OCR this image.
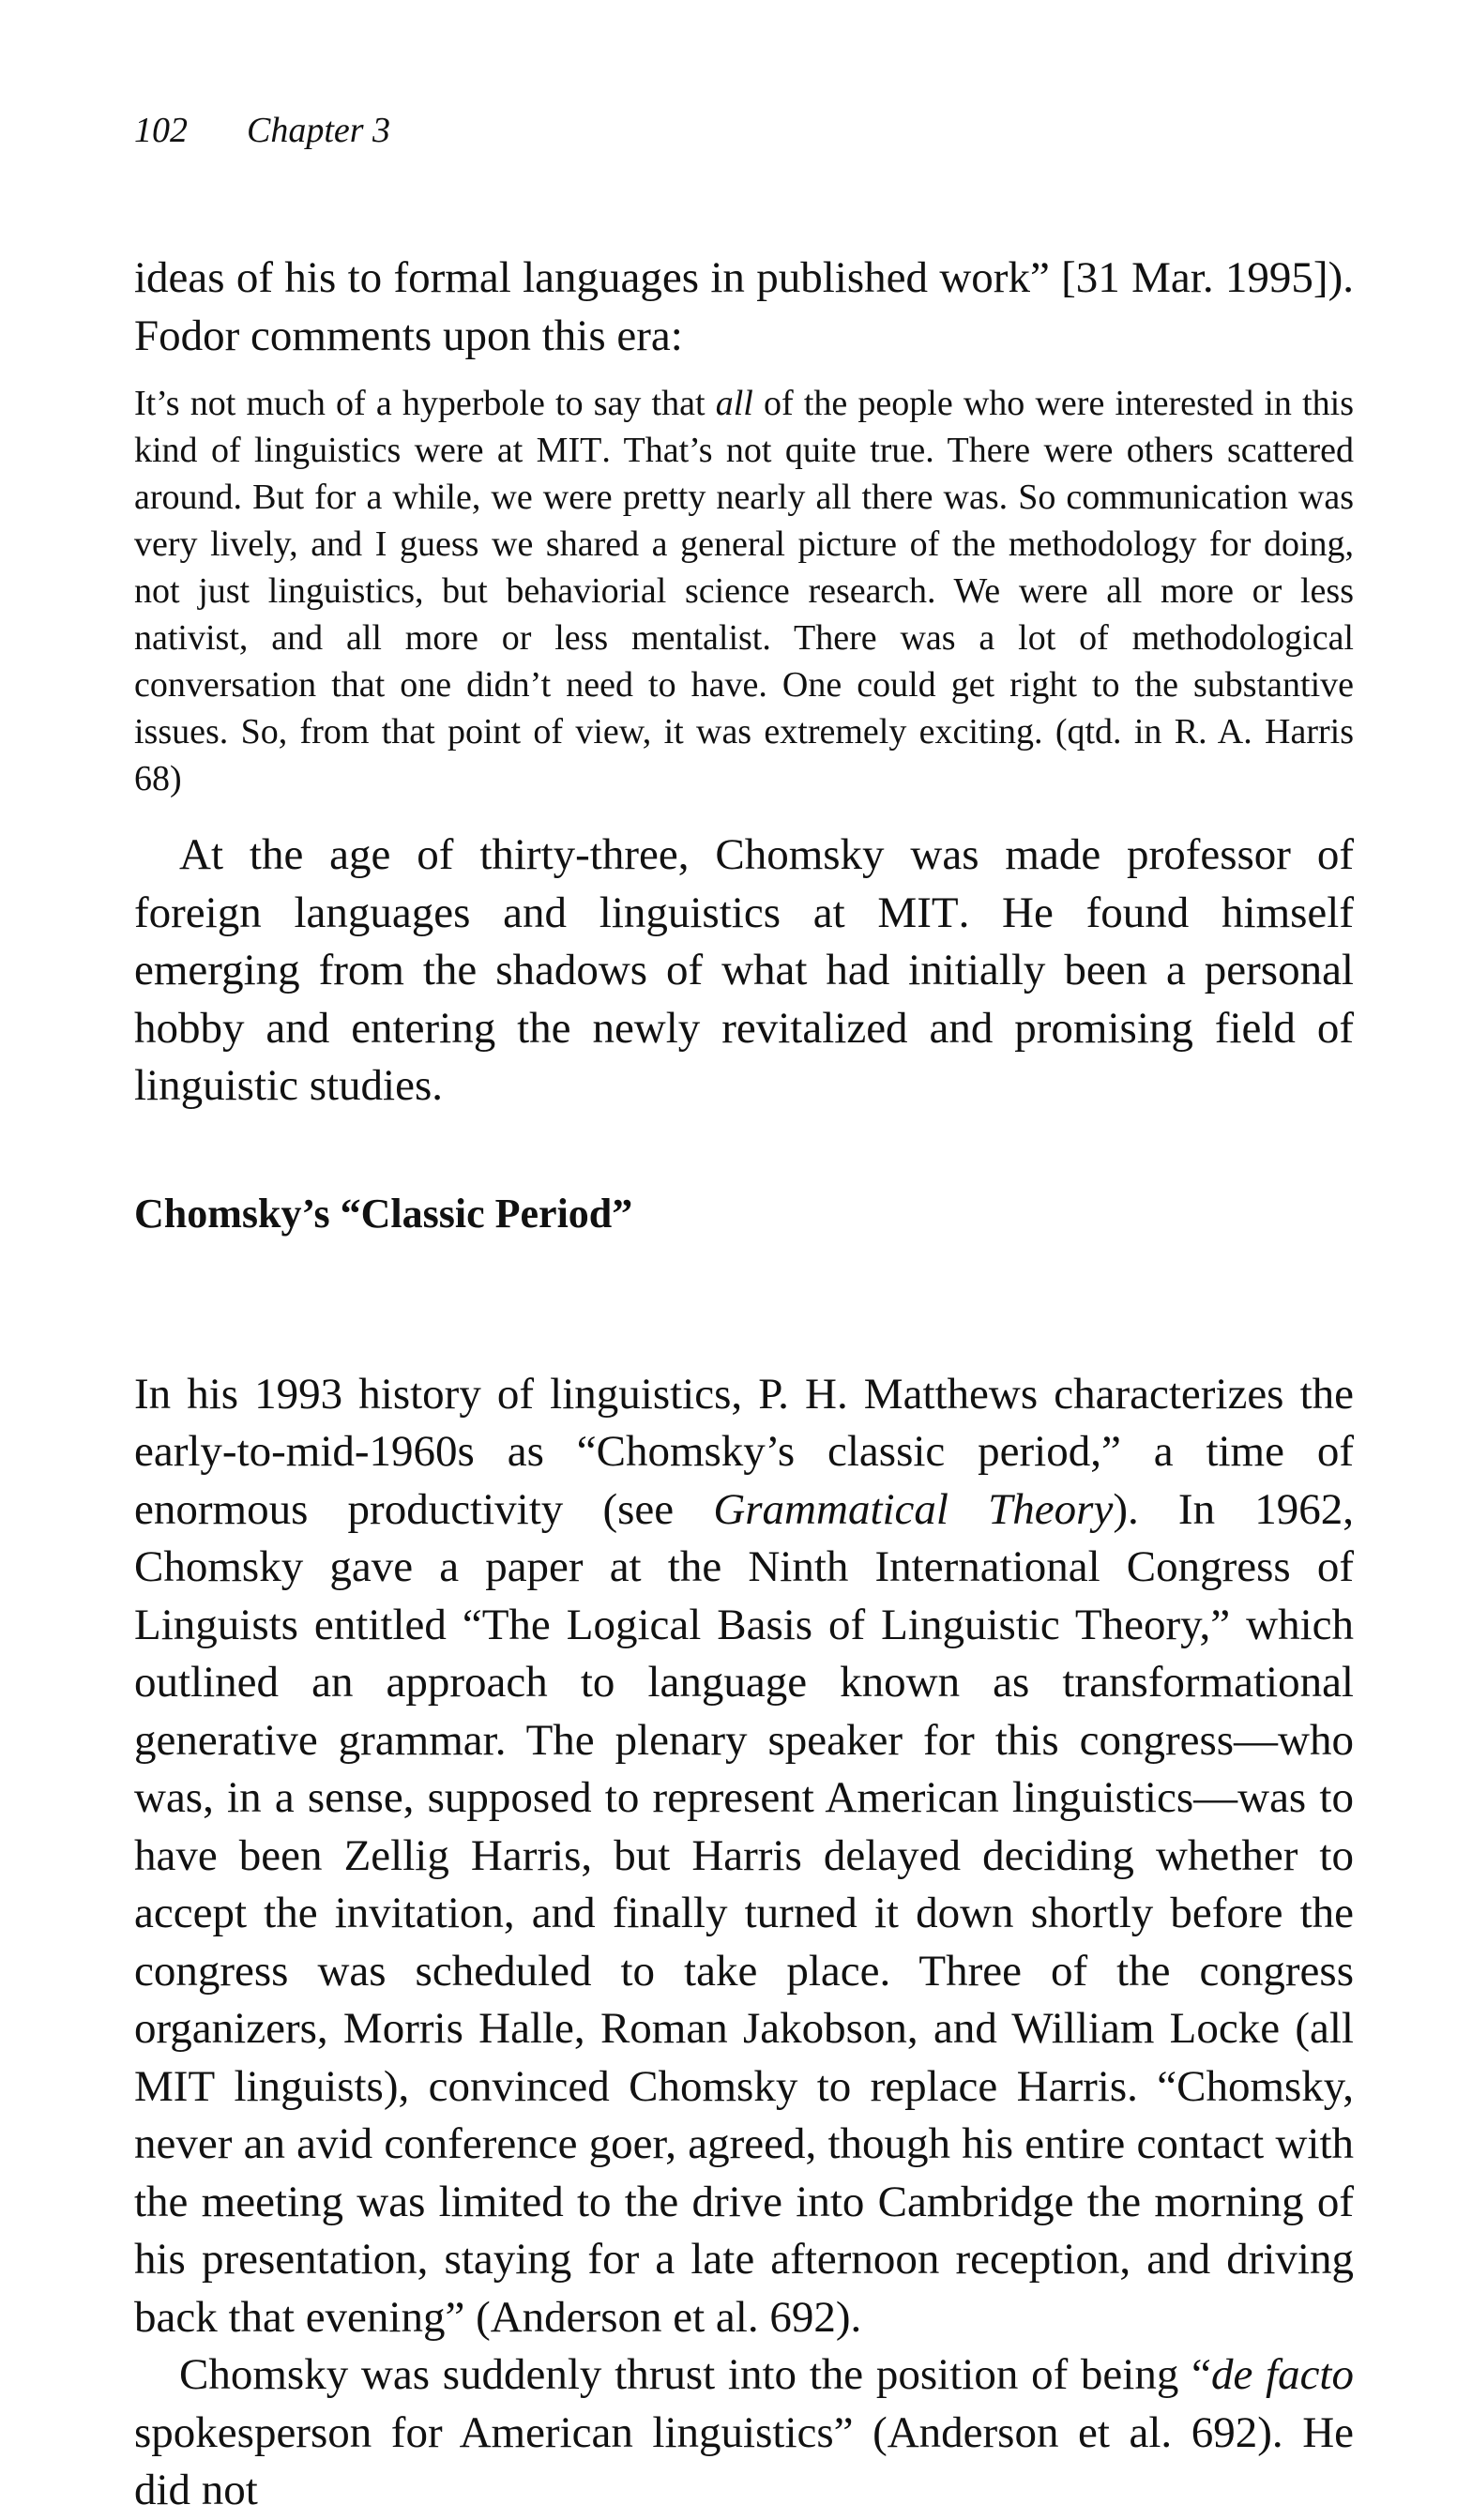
102 Chapter 3

ideas of his to formal languages in published work” [31 Mar. 1995]). Fodor comments upon this era:

It’s not much of a hyperbole to say that all of the people who were interested in this kind of linguistics were at MIT. That’s not quite true. There were others scattered around. But for a while, we were pretty nearly all there was. So communication was very lively, and I guess we shared a general picture of the methodology for doing, not just linguistics, but behaviorial science research. We were all more or less nativist, and all more or less mentalist. There was a lot of methodological conversation that one didn’t need to have. One could get right to the substantive issues. So, from that point of view, it was extremely exciting. (qtd. in R. A. Harris 68)

At the age of thirty-three, Chomsky was made professor of foreign languages and linguistics at MIT. He found himself emerging from the shadows of what had initially been a personal hobby and entering the newly revitalized and promising field of linguistic studies.

Chomsky’s “Classic Period”

In his 1993 history of linguistics, P. H. Matthews characterizes the early-to-mid-1960s as “Chomsky’s classic period,” a time of enormous productivity (see Grammatical Theory). In 1962, Chomsky gave a paper at the Ninth International Congress of Linguists entitled “The Logical Basis of Linguistic Theory,” which outlined an approach to language known as transformational generative grammar. The plenary speaker for this congress—who was, in a sense, supposed to represent American linguistics—was to have been Zellig Harris, but Harris delayed deciding whether to accept the invitation, and finally turned it down shortly before the congress was scheduled to take place. Three of the congress organizers, Morris Halle, Roman Jakobson, and William Locke (all MIT linguists), convinced Chomsky to replace Harris. “Chomsky, never an avid conference goer, agreed, though his entire contact with the meeting was limited to the drive into Cambridge the morning of his presentation, staying for a late afternoon reception, and driving back that evening” (Anderson et al. 692).

Chomsky was suddenly thrust into the position of being “de facto spokesperson for American linguistics” (Anderson et al. 692). He did not
